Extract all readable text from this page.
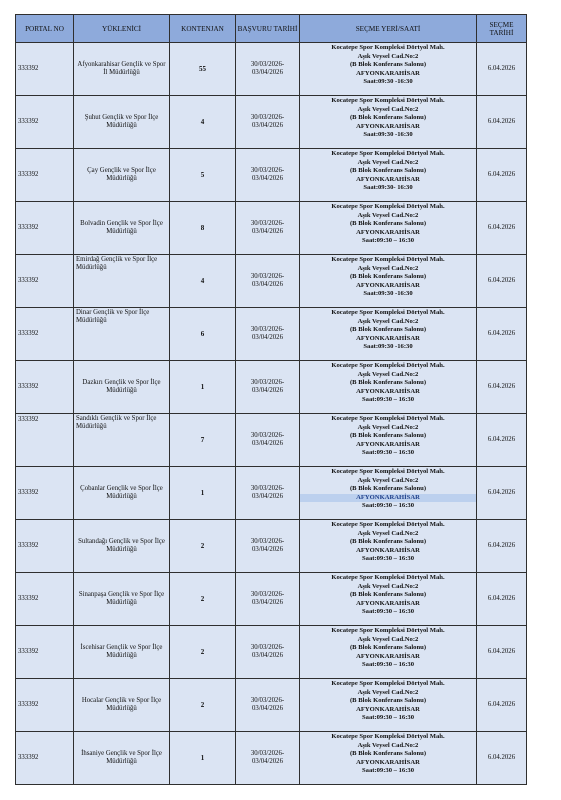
PORTAL NO	YÜKLENİCİ	KONTENJAN	BAŞVURU TARİHİ	SEÇME YERİ/SAATİ	SEÇME TARİHİ
333392	Afyonkarahisar Gençlik ve Spor İl Müdürlüğü	55	30/03/2026-03/04/2026	Kocatepe Spor Kompleksi Dörtyol Mah.
Aşık Veysel Cad.No:2
(B Blok Konferans Salonu)
AFYONKARAHİSAR
Saat:09:30 -16:30	6.04.2026
333392	Şuhut Gençlik ve Spor İlçe Müdürlüğü	4	30/03/2026-03/04/2026	Kocatepe Spor Kompleksi Dörtyol Mah.
Aşık Veysel Cad.No:2
(B Blok Konferans Salonu)
AFYONKARAHİSAR
Saat:09:30 -16:30	6.04.2026
333392	Çay Gençlik ve Spor İlçe Müdürlüğü	5	30/03/2026-03/04/2026	Kocatepe Spor Kompleksi Dörtyol Mah.
Aşık Veysel Cad.No:2
(B Blok Konferans Salonu)
AFYONKARAHİSAR
Saat:09:30- 16:30	6.04.2026
333392	Bolvadin Gençlik ve Spor İlçe Müdürlüğü	8	30/03/2026-03/04/2026	Kocatepe Spor Kompleksi Dörtyol Mah.
Aşık Veysel Cad.No:2
(B Blok Konferans Salonu)
AFYONKARAHİSAR
Saat:09:30 – 16:30	6.04.2026
333392	Emirdağ Gençlik ve Spor İlçe Müdürlüğü	4	30/03/2026-03/04/2026	Kocatepe Spor Kompleksi Dörtyol Mah.
Aşık Veysel Cad.No:2
(B Blok Konferans Salonu)
AFYONKARAHİSAR
Saat:09:30 -16:30	6.04.2026
333392	Dinar Gençlik ve Spor İlçe Müdürlüğü	6	30/03/2026-03/04/2026	Kocatepe Spor Kompleksi Dörtyol Mah.
Aşık Veysel Cad.No:2
(B Blok Konferans Salonu)
AFYONKARAHİSAR
Saat:09:30 -16:30	6.04.2026
333392	Dazkırı Gençlik ve Spor İlçe Müdürlüğü	1	30/03/2026-03/04/2026	Kocatepe Spor Kompleksi Dörtyol Mah.
Aşık Veysel Cad.No:2
(B Blok Konferans Salonu)
AFYONKARAHİSAR
Saat:09:30 – 16:30	6.04.2026
333392	Sandıklı Gençlik ve Spor İlçe Müdürlüğü	7	30/03/2026-03/04/2026	Kocatepe Spor Kompleksi Dörtyol Mah.
Aşık Veysel Cad.No:2
(B Blok Konferans Salonu)
AFYONKARAHİSAR
Saat:09:30 – 16:30	6.04.2026
333392	Çobanlar Gençlik ve Spor İlçe Müdürlüğü	1	30/03/2026-03/04/2026	Kocatepe Spor Kompleksi Dörtyol Mah.
Aşık Veysel Cad.No:2
(B Blok Konferans Salonu)
AFYONKARAHİSAR
Saat:09:30 – 16:30	6.04.2026
333392	Sultandağı Gençlik ve Spor İlçe Müdürlüğü	2	30/03/2026-03/04/2026	Kocatepe Spor Kompleksi Dörtyol Mah.
Aşık Veysel Cad.No:2
(B Blok Konferans Salonu)
AFYONKARAHİSAR
Saat:09:30 – 16:30	6.04.2026
333392	Sinanpaşa Gençlik ve Spor İlçe Müdürlüğü	2	30/03/2026-03/04/2026	Kocatepe Spor Kompleksi Dörtyol Mah.
Aşık Veysel Cad.No:2
(B Blok Konferans Salonu)
AFYONKARAHİSAR
Saat:09:30 – 16:30	6.04.2026
333392	İscehisar Gençlik ve Spor İlçe Müdürlüğü	2	30/03/2026-03/04/2026	Kocatepe Spor Kompleksi Dörtyol Mah.
Aşık Veysel Cad.No:2
(B Blok Konferans Salonu)
AFYONKARAHİSAR
Saat:09:30 – 16:30	6.04.2026
333392	Hocalar Gençlik ve Spor İlçe Müdürlüğü	2	30/03/2026-03/04/2026	Kocatepe Spor Kompleksi Dörtyol Mah.
Aşık Veysel Cad.No:2
(B Blok Konferans Salonu)
AFYONKARAHİSAR
Saat:09:30 – 16:30	6.04.2026
333392	İhsaniye Gençlik ve Spor İlçe Müdürlüğü	1	30/03/2026-03/04/2026	Kocatepe Spor Kompleksi Dörtyol Mah.
Aşık Veysel Cad.No:2
(B Blok Konferans Salonu)
AFYONKARAHİSAR
Saat:09:30 – 16:30	6.04.2026
